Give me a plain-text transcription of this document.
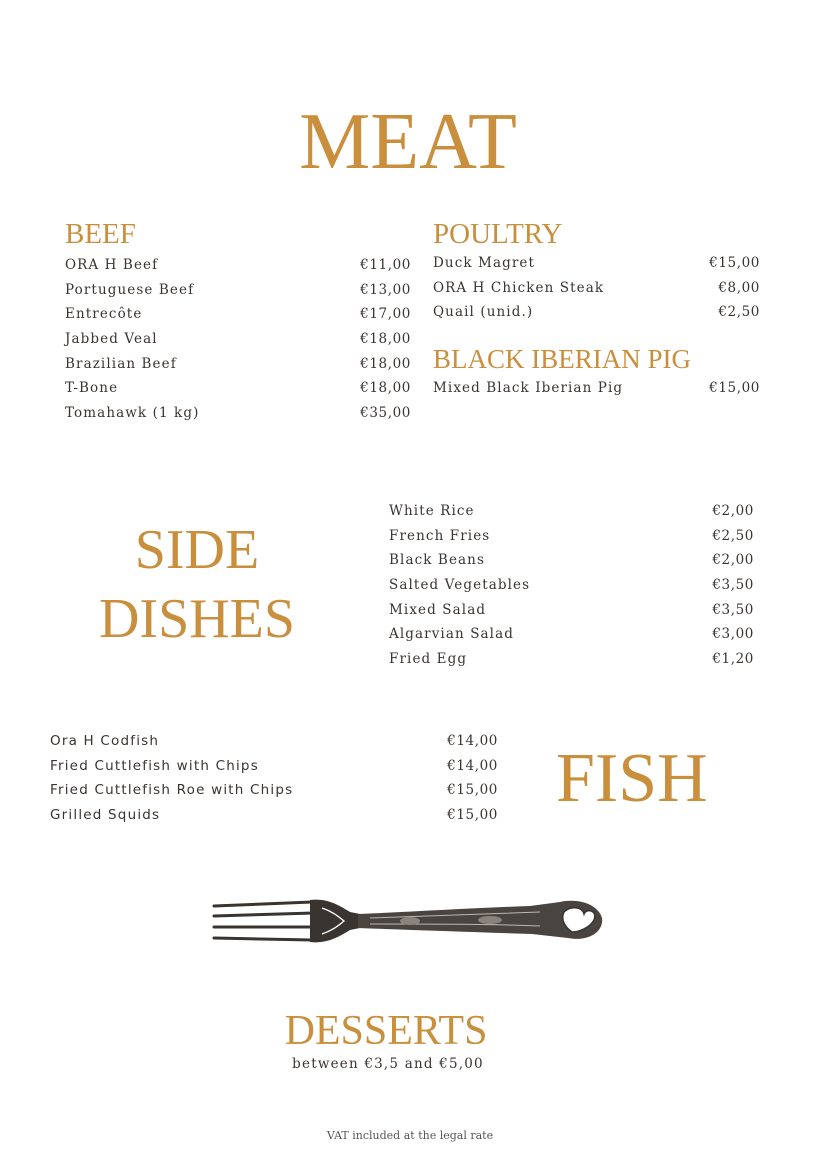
MEAT
BEEF
ORA H Beef	€11,00
Portuguese Beef	€13,00
Entrecôte	€17,00
Jabbed Veal	€18,00
Brazilian Beef	€18,00
T-Bone	€18,00
Tomahawk (1 kg)	€35,00
POULTRY
Duck Magret	€15,00
ORA H Chicken Steak	€8,00
Quail (unid.)	€2,50
BLACK IBERIAN PIG
Mixed Black Iberian Pig	€15,00
SIDE
DISHES
White Rice	€2,00
French Fries	€2,50
Black Beans	€2,00
Salted Vegetables	€3,50
Mixed Salad	€3,50
Algarvian Salad	€3,00
Fried Egg	€1,20
Ora H Codfish	€14,00
Fried Cuttlefish with Chips	€14,00
Fried Cuttlefish Roe with Chips	€15,00
Grilled Squids	€15,00 FISH
DESSERTS

between €3,5 and €5,00

VAT included at the legal rate
